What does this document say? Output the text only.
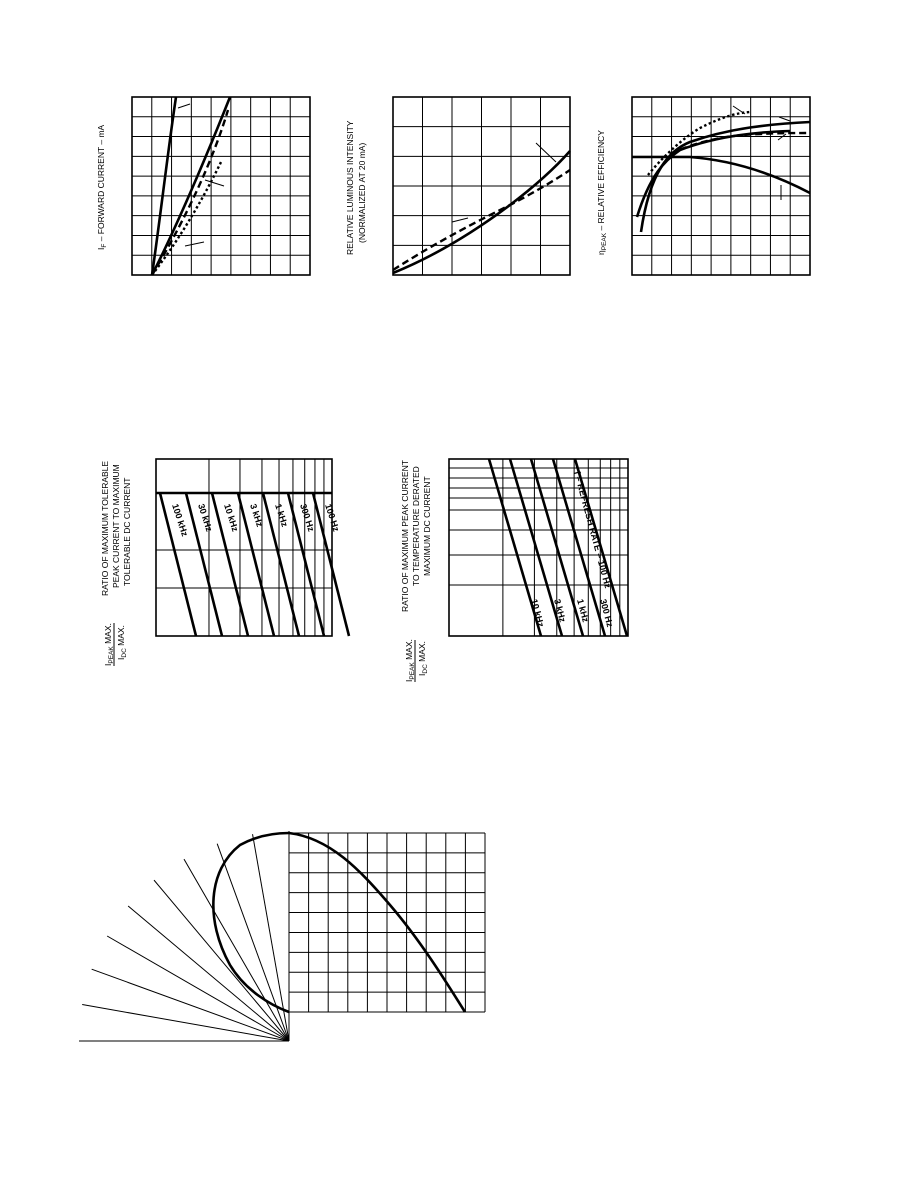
$I_F$ – FORWARD CURRENT – mA	RELATIVE LUMINOUS INTENSITY (NORMALIZED AT 20 mA)
$\eta_{PEAK}$ – RELATIVE EFFICIENCY
100 kHz 30 kHz 10 kHz 3 kHz 1 kHz 300 Hz 100 Hz
RATIO OF MAXIMUM TOLERABLE PEAK CURRENT TO MAXIMUM TOLERABLE DC CURRENT
$I_{PEAK}$ MAX.
$I_{DC}$ MAX.
10 kHz 3 kHz 1 kHz 300 Hz
f – REFRESH RATE – 100 Hz
RATIO OF MAXIMUM PEAK CURRENT TO TEMPERATURE DERATED MAXIMUM DC CURRENT
$I_{PEAK}$ MAX.
$I_{DC}$ MAX.
